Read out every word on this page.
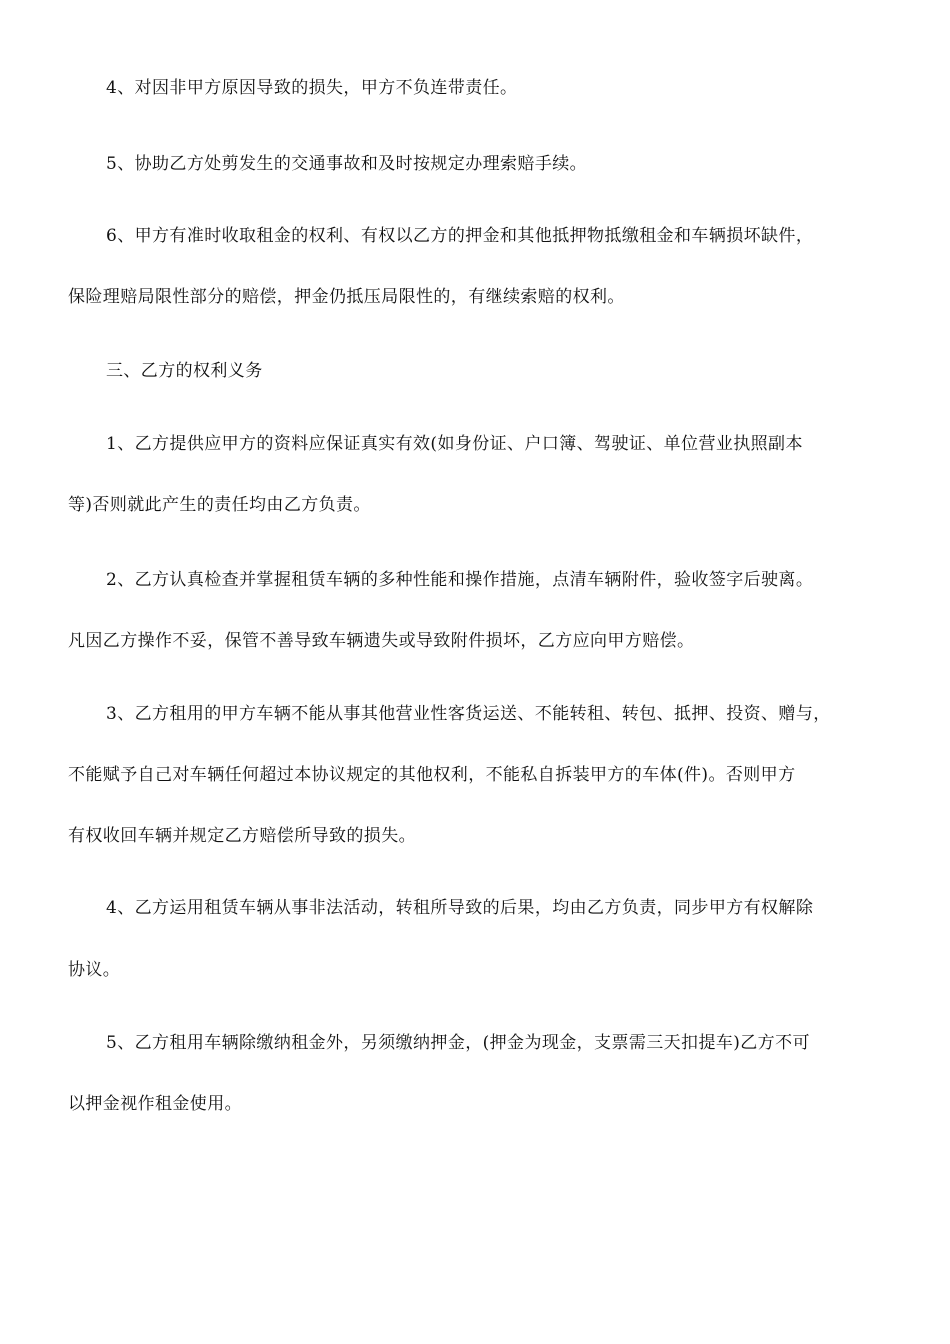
4、对因非甲方原因导致的损失，甲方不负连带责任。
5、协助乙方处剪发生的交通事故和及时按规定办理索赔手续。
6、甲方有准时收取租金的权利、有权以乙方的押金和其他抵押物抵缴租金和车辆损坏缺件，
保险理赔局限性部分的赔偿，押金仍抵压局限性的，有继续索赔的权利。
三、乙方的权利义务
1、乙方提供应甲方的资料应保证真实有效(如身份证、户口簿、驾驶证、单位营业执照副本
等)否则就此产生的责任均由乙方负责。
2、乙方认真检查并掌握租赁车辆的多种性能和操作措施，点清车辆附件，验收签字后驶离。
凡因乙方操作不妥，保管不善导致车辆遗失或导致附件损坏，乙方应向甲方赔偿。
3、乙方租用的甲方车辆不能从事其他营业性客货运送、不能转租、转包、抵押、投资、赠与，
不能赋予自己对车辆任何超过本协议规定的其他权利，不能私自拆装甲方的车体(件)。否则甲方
有权收回车辆并规定乙方赔偿所导致的损失。
4、乙方运用租赁车辆从事非法活动，转租所导致的后果，均由乙方负责，同步甲方有权解除
协议。
5、乙方租用车辆除缴纳租金外，另须缴纳押金，(押金为现金，支票需三天扣提车)乙方不可
以押金视作租金使用。
